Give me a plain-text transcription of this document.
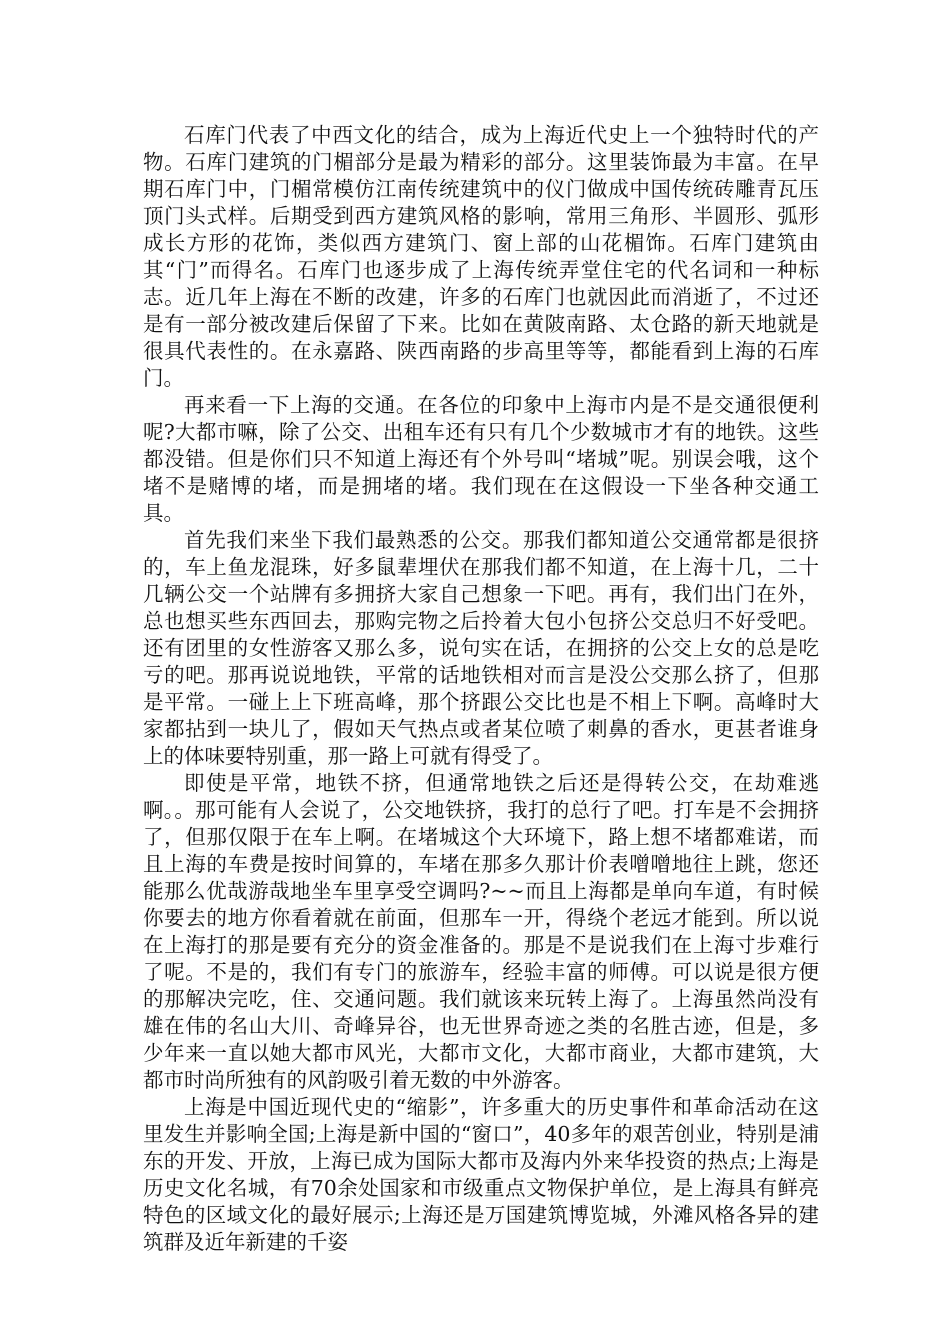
石库门代表了中西文化的结合，成为上海近代史上一个独特时代的产物。石库门建筑的门楣部分是最为精彩的部分。这里装饰最为丰富。在早期石库门中，门楣常模仿江南传统建筑中的仪门做成中国传统砖雕青瓦压顶门头式样。后期受到西方建筑风格的影响，常用三角形、半圆形、弧形成长方形的花饰，类似西方建筑门、窗上部的山花楣饰。石库门建筑由其“门”而得名。石库门也逐步成了上海传统弄堂住宅的代名词和一种标志。近几年上海在不断的改建，许多的石库门也就因此而消逝了，不过还是有一部分被改建后保留了下来。比如在黄陂南路、太仓路的新天地就是很具代表性的。在永嘉路、陕西南路的步高里等等，都能看到上海的石库门。

再来看一下上海的交通。在各位的印象中上海市内是不是交通很便利呢?大都市嘛，除了公交、出租车还有只有几个少数城市才有的地铁。这些都没错。但是你们只不知道上海还有个外号叫“堵城”呢。别误会哦，这个堵不是赌博的堵，而是拥堵的堵。我们现在在这假设一下坐各种交通工具。

首先我们来坐下我们最熟悉的公交。那我们都知道公交通常都是很挤的，车上鱼龙混珠，好多鼠辈埋伏在那我们都不知道，在上海十几，二十几辆公交一个站牌有多拥挤大家自己想象一下吧。再有，我们出门在外，总也想买些东西回去，那购完物之后拎着大包小包挤公交总归不好受吧。还有团里的女性游客又那么多，说句实在话，在拥挤的公交上女的总是吃亏的吧。那再说说地铁，平常的话地铁相对而言是没公交那么挤了，但那是平常。一碰上上下班高峰，那个挤跟公交比也是不相上下啊。高峰时大家都拈到一块儿了，假如天气热点或者某位喷了刺鼻的香水，更甚者谁身上的体味要特别重，那一路上可就有得受了。

即使是平常，地铁不挤，但通常地铁之后还是得转公交，在劫难逃啊。。那可能有人会说了，公交地铁挤，我打的总行了吧。打车是不会拥挤了，但那仅限于在车上啊。在堵城这个大环境下，路上想不堵都难诺，而且上海的车费是按时间算的，车堵在那多久那计价表噌噌地往上跳，您还能那么优哉游哉地坐车里享受空调吗?~~而且上海都是单向车道，有时候你要去的地方你看着就在前面，但那车一开，得绕个老远才能到。所以说在上海打的那是要有充分的资金准备的。那是不是说我们在上海寸步难行了呢。不是的，我们有专门的旅游车，经验丰富的师傅。可以说是很方便的那解决完吃，住、交通问题。我们就该来玩转上海了。上海虽然尚没有雄在伟的名山大川、奇峰异谷，也无世界奇迹之类的名胜古迹，但是，多少年来一直以她大都市风光，大都市文化，大都市商业，大都市建筑，大都市时尚所独有的风韵吸引着无数的中外游客。

上海是中国近现代史的“缩影”，许多重大的历史事件和革命活动在这里发生并影响全国;上海是新中国的“窗口”，40多年的艰苦创业，特别是浦东的开发、开放，上海已成为国际大都市及海内外来华投资的热点;上海是历史文化名城，有70余处国家和市级重点文物保护单位，是上海具有鲜亮特色的区域文化的最好展示;上海还是万国建筑博览城，外滩风格各异的建筑群及近年新建的千姿
